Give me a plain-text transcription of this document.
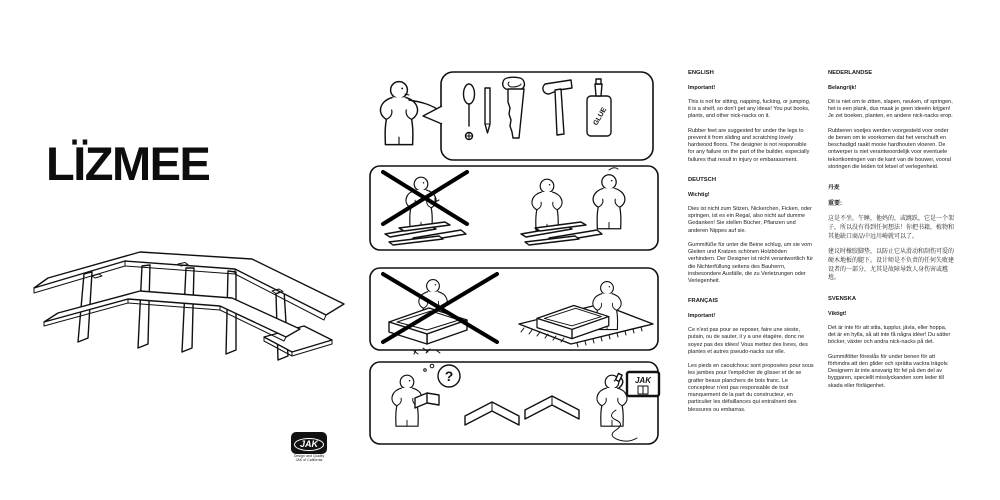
LÏZMEE
JAK
Design and Quality
JAK of California
GLUE
?	JAK

ENGLISH

Important!

This is not for sitting, napping, fucking, or jumping, it is a shelf, so don't get any ideas! You put books, plants, and other nick-nacks on it.

Rubber feet are suggested for under the legs to prevent it from sliding and scratching lovely hardwood floors. The designer is not responsible for any failure on the part of the builder, especially failures that result in injury or embarassment.

DEUTSCH

Wichtig!

Dies ist nicht zum Sitzen, Nickerchen, Ficken, oder springen, ist es ein Regal, also nicht auf dumme Gedanken! Sie stellen Bücher, Pflanzen und anderen Nippes auf sie.

Gummifüße für unter die Beine schlug, um sie vom Gleiten und Kratzen schönen Holzböden verhindern. Der Designer ist nicht verantwortlich für die Nichterfüllung seitens des Bauherrn, insbesondere Ausfälle, die zu Verletzungen oder Verlegenheit.

FRANÇAIS

Important!

Ce n'est pas pour se reposer, faire une sieste, putain, ou de sauter, il y a une étagère, donc ne soyez pas des idées! Vous mettez des livres, des plantes et autres pseudo-nacks sur elle.

Les pieds en caoutchouc sont proposées pour sous les jambes pour l'empêcher de glisser et de se gratter beaux planchers de bois franc. Le concepteur n'est pas responsable de tout manquement de la part du constructeur, en particulier les défaillances qui entraînent des blessures ou embarras.

NEDERLANDSE

Belangrijk!

Dit is niet om te zitten, slapen, neuken, of springen, het is een plank, dus maak je geen ideeën krijgen! Je zet boeken, planten, en andere nick-nacks erop.

Rubberen voetjes werden voorgesteld voor onder de benen om te voorkomen dat het verschuift en beschadigd raakt mooie hardhouten vloeren. De ontwerper is niet verantwoordelijk voor eventuele tekortkomingen van de kant van de bouwer, vooral storingen die leiden tot letsel of verlegenheid.

丹麦

重要:

这是不坐，午睡，他妈的，或跳跃，它是一个架子，所以没有得到任何想法！你把书籍，植物和其他缺口商品中远川崎就可以了。

建议时橡胶脚垫，以防止它从滑动和刮伤可爱的硬木地板的腿下。设计师是不负责的任何失败建设者的一部分，尤其是故障导致人身伤害或尴尬。

SVENSKA

Viktigt!

Det är inte för att sitta, tupplur, jävla, eller hoppa, det är en hylla, så att inte få några idéer! Du sätter böcker, växter och andra nick-nacks på det.

Gummifötter föreslås för under benen för att förhindra att den glider och sprätta vackra trägolv. Designern är inte ansvarig för fel på den del av byggaren, speciellt misslyckanden som leder till skada eller förlägenhet.
